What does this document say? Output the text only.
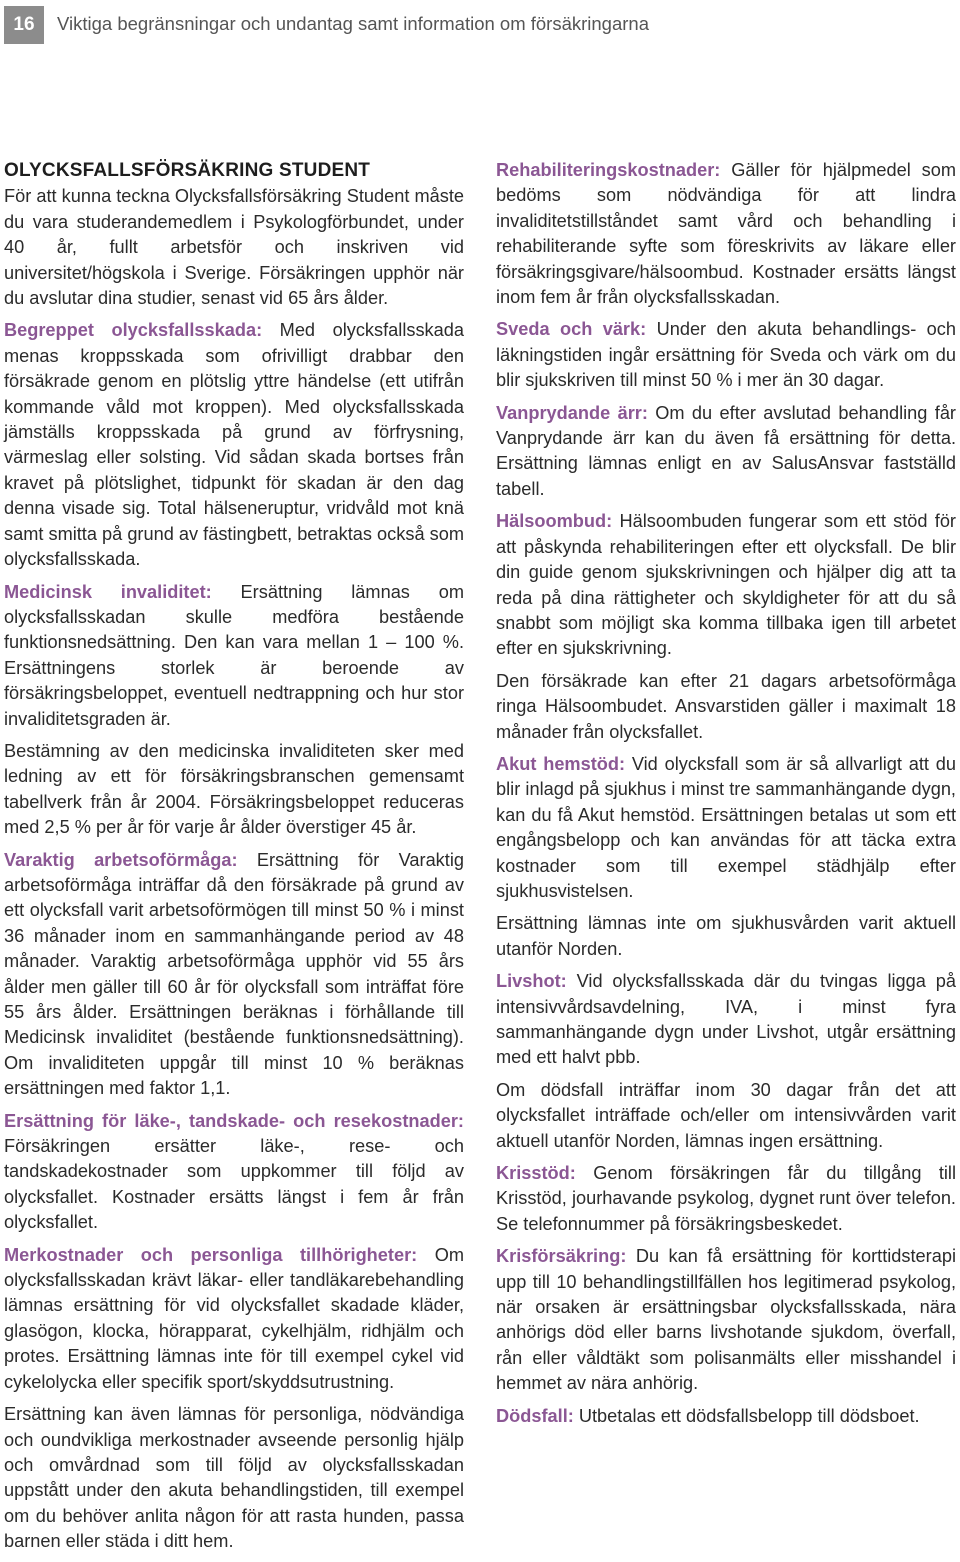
16	Viktiga begränsningar och undantag samt information om försäkringarna
OLYCKSFALLSFÖRSÄKRING STUDENT

För att kunna teckna Olycksfallsförsäkring Student måste du vara studerandemedlem i Psykologförbundet, under 40 år, fullt arbetsför och inskriven vid universitet/högskola i Sverige. Försäkringen upphör när du avslutar dina studier, senast vid 65 års ålder.

Begreppet olycksfallsskada: Med olycksfallsskada menas kroppsskada som ofrivilligt drabbar den försäkrade genom en plötslig yttre händelse (ett utifrån kommande våld mot kroppen). Med olycksfallsskada jämställs kroppsskada på grund av förfrysning, värmeslag eller solsting. Vid sådan skada bortses från kravet på plötslighet, tidpunkt för skadan är den dag denna visade sig. Total hälseneruptur, vridvåld mot knä samt smitta på grund av fästingbett, betraktas också som olycksfallsskada.

Medicinsk invaliditet: Ersättning lämnas om olycksfallsskadan skulle medföra bestående funktionsnedsättning. Den kan vara mellan 1 – 100 %. Ersättningens storlek är beroende av försäkringsbeloppet, eventuell nedtrappning och hur stor invaliditetsgraden är.

Bestämning av den medicinska invaliditeten sker med ledning av ett för försäkringsbranschen gemensamt tabellverk från år 2004. Försäkringsbeloppet reduceras med 2,5 % per år för varje år ålder överstiger 45 år.

Varaktig arbetsoförmåga: Ersättning för Varaktig arbetsoförmåga inträffar då den försäkrade på grund av ett olycksfall varit arbetsoförmögen till minst 50 % i minst 36 månader inom en sammanhängande period av 48 månader. Varaktig arbetsoförmåga upphör vid 55 års ålder men gäller till 60 år för olycksfall som inträffat före 55 års ålder. Ersättningen beräknas i förhållande till Medicinsk invaliditet (bestående funktionsnedsättning). Om invaliditeten uppgår till minst 10 % beräknas ersättningen med faktor 1,1.

Ersättning för läke-, tandskade- och resekostnader: Försäkringen ersätter läke-, rese- och tandskadekostnader som uppkommer till följd av olycksfallet. Kostnader ersätts längst i fem år från olycksfallet.

Merkostnader och personliga tillhörigheter: Om olycksfallsskadan krävt läkar- eller tandläkarebehandling lämnas ersättning för vid olycksfallet skadade kläder, glasögon, klocka, hörapparat, cykelhjälm, ridhjälm och protes. Ersättning lämnas inte för till exempel cykel vid cykelolycka eller specifik sport/skyddsutrustning.

Ersättning kan även lämnas för personliga, nödvändiga och oundvikliga merkostnader avseende personlig hjälp och omvårdnad som till följd av olycksfallsskadan uppstått under den akuta behandlingstiden, till exempel om du behöver anlita någon för att rasta hunden, passa barnen eller städa i ditt hem.

Rehabiliteringskostnader: Gäller för hjälpmedel som bedöms som nödvändiga för att lindra invaliditetstillståndet samt vård och behandling i rehabiliterande syfte som föreskrivits av läkare eller försäkringsgivare/hälsoombud. Kostnader ersätts längst inom fem år från olycksfallsskadan.

Sveda och värk: Under den akuta behandlings- och läkningstiden ingår ersättning för Sveda och värk om du blir sjukskriven till minst 50 % i mer än 30 dagar.

Vanprydande ärr: Om du efter avslutad behandling får Vanprydande ärr kan du även få ersättning för detta. Ersättning lämnas enligt en av SalusAnsvar fastställd tabell.

Hälsoombud: Hälsoombuden fungerar som ett stöd för att påskynda rehabiliteringen efter ett olycksfall. De blir din guide genom sjukskrivningen och hjälper dig att ta reda på dina rättigheter och skyldigheter för att du så snabbt som möjligt ska komma tillbaka igen till arbetet efter en sjukskrivning.

Den försäkrade kan efter 21 dagars arbetsoförmåga ringa Hälsoombudet. Ansvarstiden gäller i maximalt 18 månader från olycksfallet.

Akut hemstöd: Vid olycksfall som är så allvarligt att du blir inlagd på sjukhus i minst tre sammanhängande dygn, kan du få Akut hemstöd. Ersättningen betalas ut som ett engångsbelopp och kan användas för att täcka extra kostnader som till exempel städhjälp efter sjukhusvistelsen.

Ersättning lämnas inte om sjukhusvården varit aktuell utanför Norden.

Livshot: Vid olycksfallsskada där du tvingas ligga på intensivvårdsavdelning, IVA, i minst fyra sammanhängande dygn under Livshot, utgår ersättning med ett halvt pbb.

Om dödsfall inträffar inom 30 dagar från det att olycksfallet inträffade och/eller om intensivvården varit aktuell utanför Norden, lämnas ingen ersättning.

Krisstöd: Genom försäkringen får du tillgång till Krisstöd, jourhavande psykolog, dygnet runt över telefon. Se telefonnummer på försäkringsbeskedet.

Krisförsäkring: Du kan få ersättning för korttidsterapi upp till 10 behandlingstillfällen hos legitimerad psykolog, när orsaken är ersättningsbar olycksfallsskada, nära anhörigs död eller barns livshotande sjukdom, överfall, rån eller våldtäkt som polisanmälts eller misshandel i hemmet av nära anhörig.

Dödsfall: Utbetalas ett dödsfallsbelopp till dödsboet.
